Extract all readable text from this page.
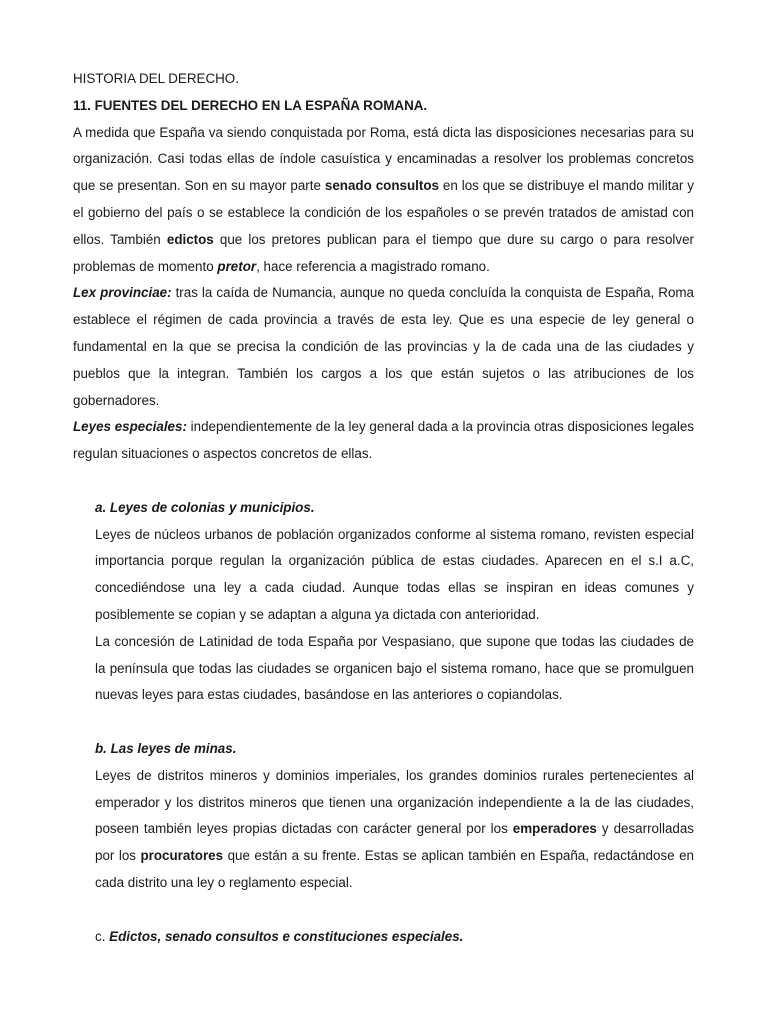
HISTORIA DEL DERECHO.

11. FUENTES DEL DERECHO EN LA ESPAÑA ROMANA.

A medida que España va siendo conquistada por Roma, está dicta las disposiciones necesarias para su organización. Casi todas ellas de índole casuística y encaminadas a resolver los problemas concretos que se presentan. Son en su mayor parte senado consultos en los que se distribuye el mando militar y el gobierno del país o se establece la condición de los españoles o se prevén tratados de amistad con ellos. También edictos que los pretores publican para el tiempo que dure su cargo o para resolver problemas de momento pretor, hace referencia a magistrado romano.

Lex provinciae: tras la caída de Numancia, aunque no queda concluída la conquista de España, Roma establece el régimen de cada provincia a través de esta ley. Que es una especie de ley general o fundamental en la que se precisa la condición de las provincias y la de cada una de las ciudades y pueblos que la integran. También los cargos a los que están sujetos o las atribuciones de los gobernadores.

Leyes especiales: independientemente de la ley general dada a la provincia otras disposiciones legales regulan situaciones o aspectos concretos de ellas.

a. Leyes de colonias y municipios.

Leyes de núcleos urbanos de población organizados conforme al sistema romano, revisten especial importancia porque regulan la organización pública de estas ciudades. Aparecen en el s.I a.C, concediéndose una ley a cada ciudad. Aunque todas ellas se inspiran en ideas comunes y posiblemente se copian y se adaptan a alguna ya dictada con anterioridad.

La concesión de Latinidad de toda España por Vespasiano, que supone que todas las ciudades de la península que todas las ciudades se organicen bajo el sistema romano, hace que se promulguen nuevas leyes para estas ciudades, basándose en las anteriores o copiandolas.

b. Las leyes de minas.

Leyes de distritos mineros y dominios imperiales, los grandes dominios rurales pertenecientes al emperador y los distritos mineros que tienen una organización independiente a la de las ciudades, poseen también leyes propias dictadas con carácter general por los emperadores y desarrolladas por los procuratores que están a su frente. Estas se aplican también en España, redactándose en cada distrito una ley o reglamento especial.

c. Edictos, senado consultos e constituciones especiales.
